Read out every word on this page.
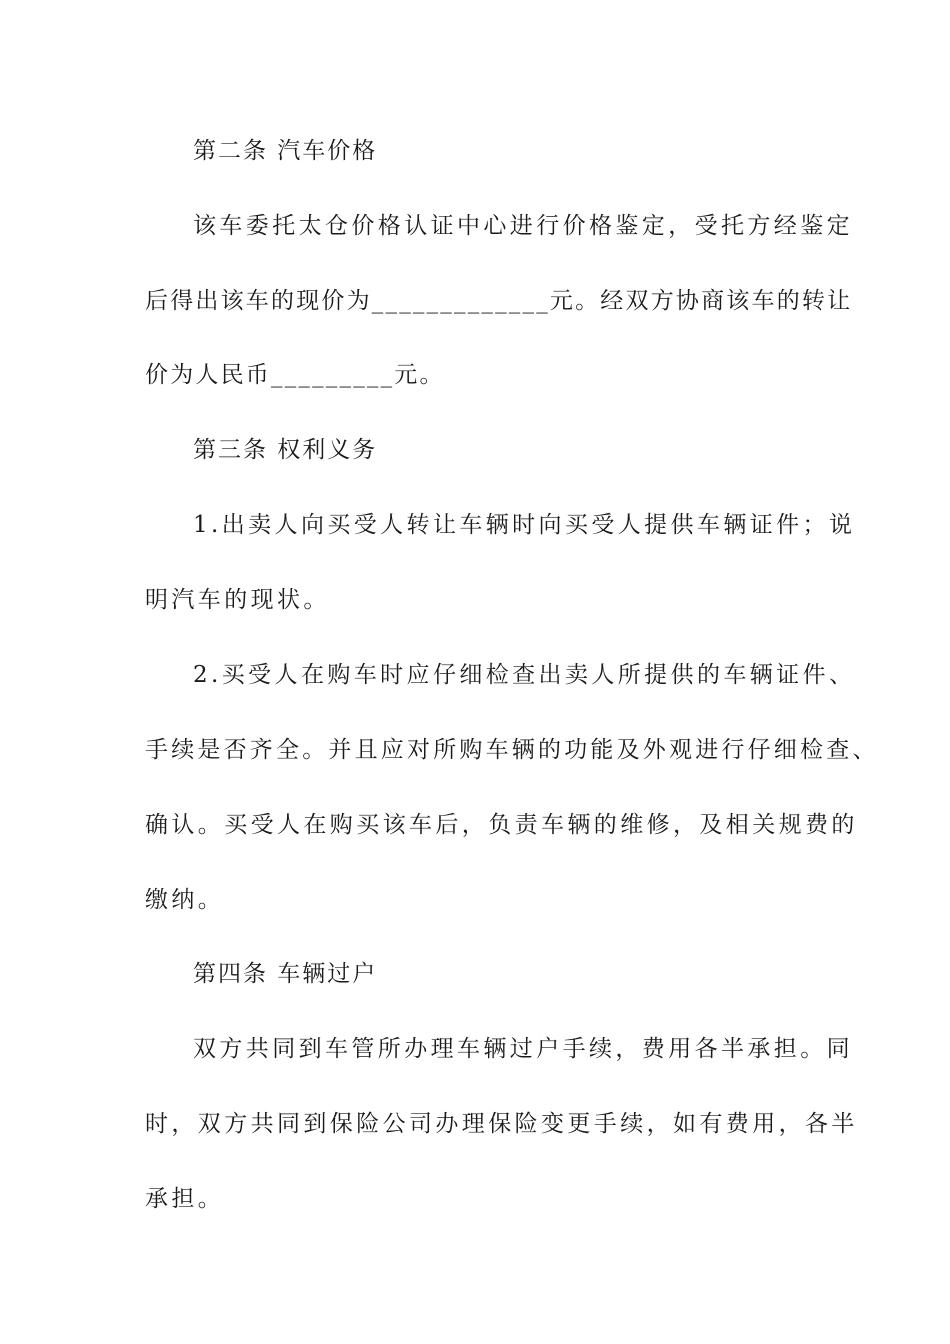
第二条 汽车价格
该车委托太仓价格认证中心进行价格鉴定，受托方经鉴定
后得出该车的现价为_____________元。经双方协商该车的转让
价为人民币_________元。
第三条 权利义务
1.出卖人向买受人转让车辆时向买受人提供车辆证件；说
明汽车的现状。
2.买受人在购车时应仔细检查出卖人所提供的车辆证件、
手续是否齐全。并且应对所购车辆的功能及外观进行仔细检查、
确认。买受人在购买该车后，负责车辆的维修，及相关规费的
缴纳。
第四条 车辆过户
双方共同到车管所办理车辆过户手续，费用各半承担。同
时，双方共同到保险公司办理保险变更手续，如有费用，各半
承担。
